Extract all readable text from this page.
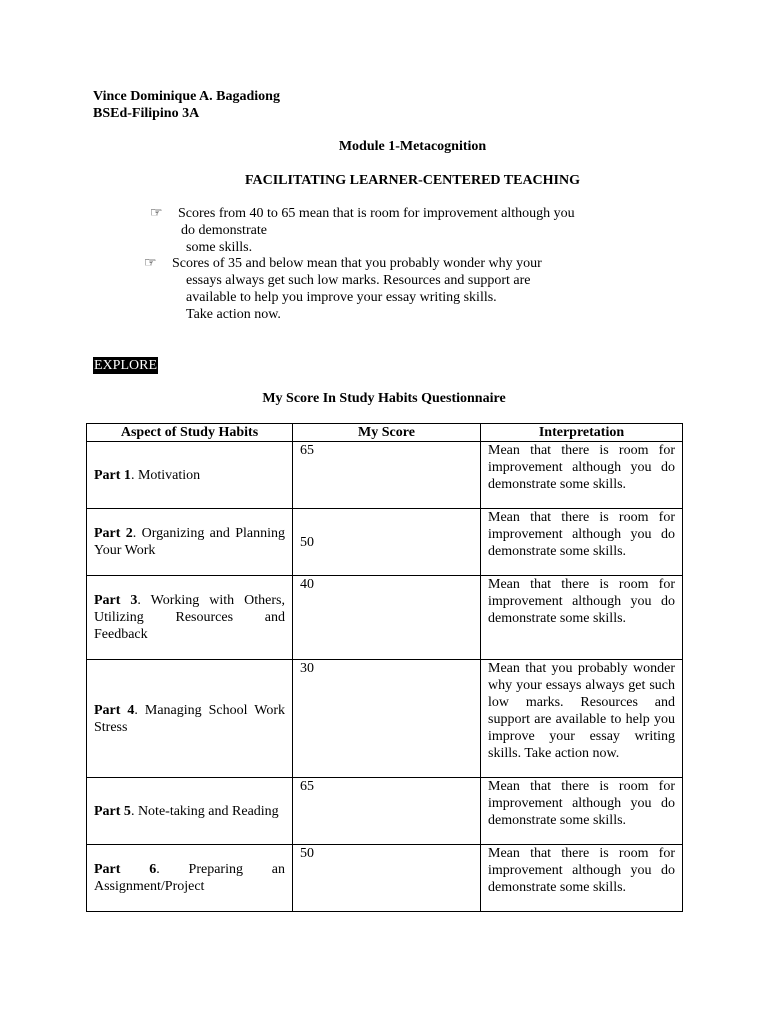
Vince Dominique A. Bagadiong
BSEd-Filipino 3A
Module 1-Metacognition
FACILITATING LEARNER-CENTERED TEACHING
☞ Scores from 40 to 65 mean that is room for improvement although you
do demonstrate
some skills.
☞ Scores of 35 and below mean that you probably wonder why your
essays always get such low marks. Resources and support are
available to help you improve your essay writing skills.
Take action now.
EXPLORE
My Score In Study Habits Questionnaire
Aspect of Study Habits	My Score	Interpretation
Part 1. Motivation	65	Mean that there is room for improvement although you do demonstrate some skills.
Part 2. Organizing and Planning Your Work	50	Mean that there is room for improvement although you do demonstrate some skills.
Part 3. Working with Others, Utilizing Resources and Feedback	40	Mean that there is room for improvement although you do demonstrate some skills.
Part 4. Managing School Work Stress	30	Mean that you probably wonder why your essays always get such low marks. Resources and support are available to help you improve your essay writing skills. Take action now.
Part 5. Note-taking and Reading	65	Mean that there is room for improvement although you do demonstrate some skills.
Part 6. Preparing an Assignment/Project	50	Mean that there is room for improvement although you do demonstrate some skills.
